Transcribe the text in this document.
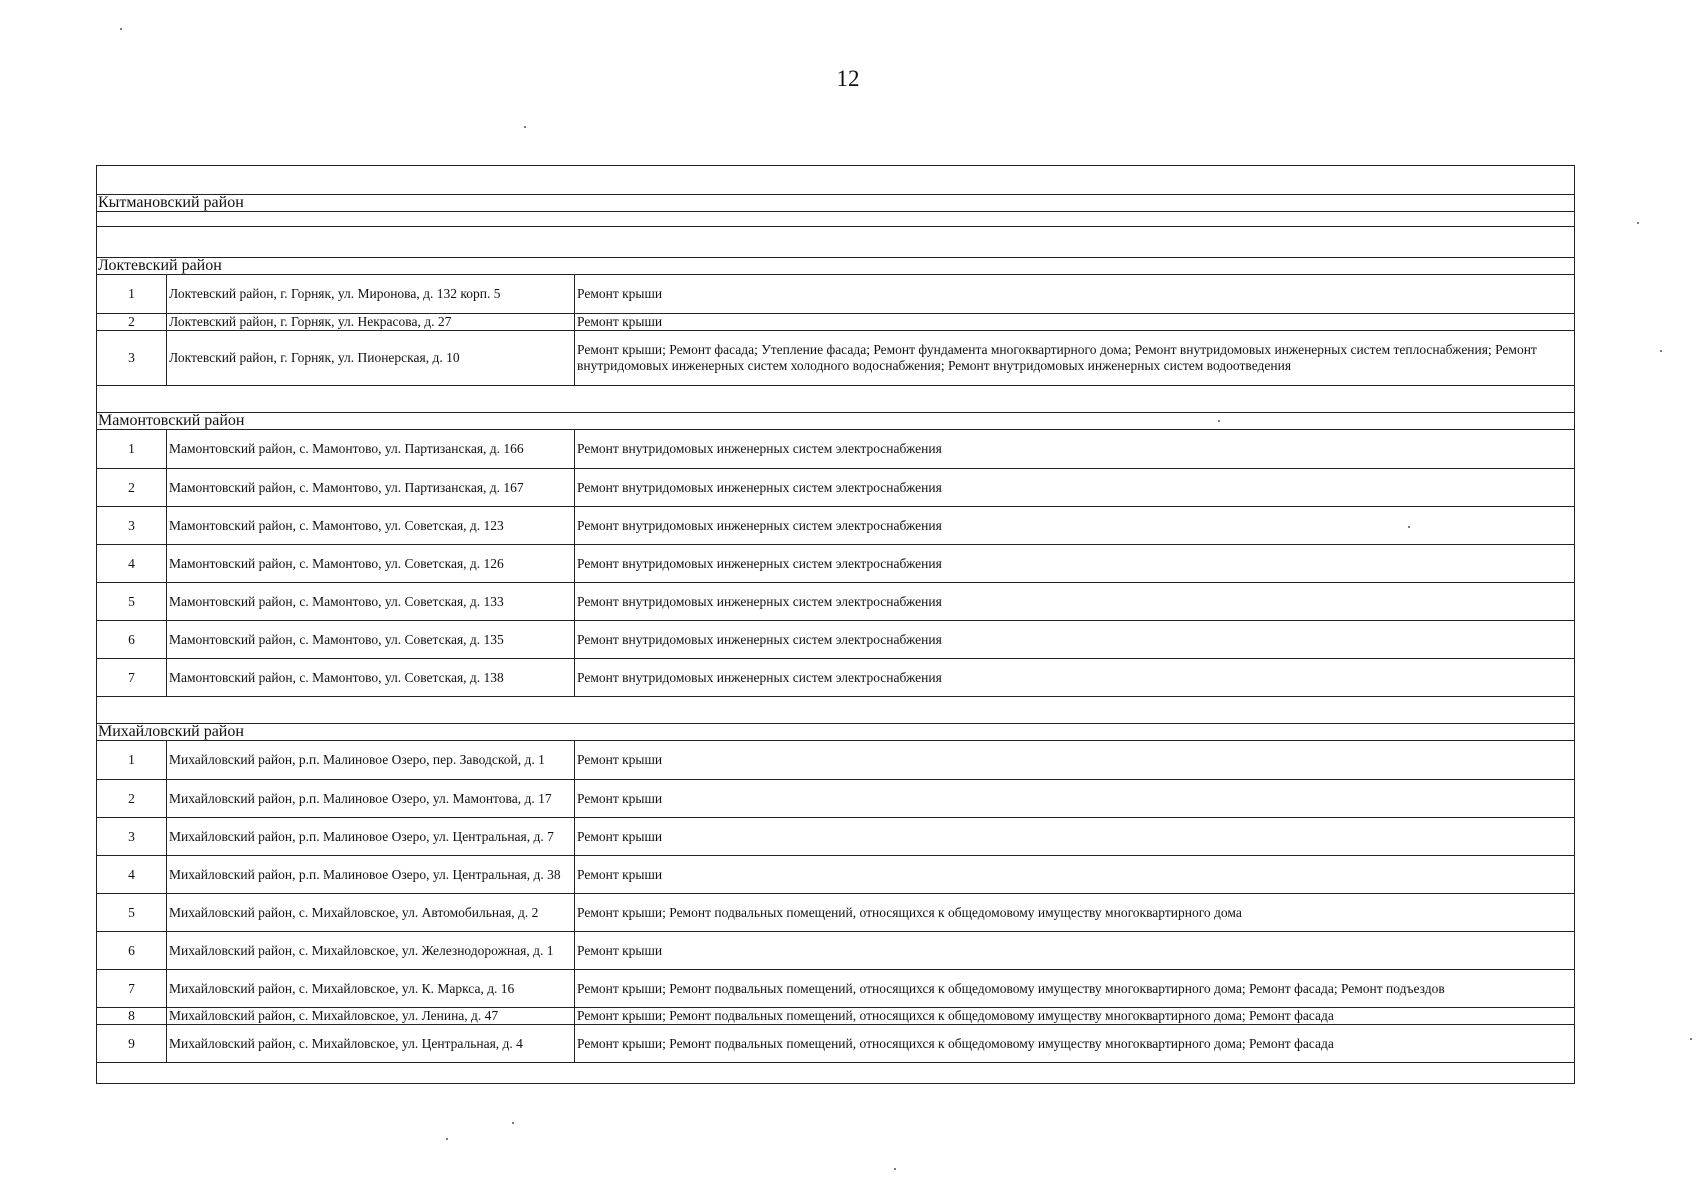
12

Кытмановский район		

Локтевский район		
1	Локтевский район, г. Горняк, ул. Миронова, д. 132 корп. 5	Ремонт крыши
2	Локтевский район, г. Горняк, ул. Некрасова, д. 27	Ремонт крыши
3	Локтевский район, г. Горняк, ул. Пионерская, д. 10	Ремонт крыши; Ремонт фасада; Утепление фасада; Ремонт фундамента многоквартирного дома; Ремонт внутридомовых инженерных систем теплоснабжения; Ремонт внутридомовых инженерных систем холодного водоснабжения; Ремонт внутридомовых инженерных систем водоотведения

Мамонтовский район		
1	Мамонтовский район, с. Мамонтово, ул. Партизанская, д. 166	Ремонт внутридомовых инженерных систем электроснабжения
2	Мамонтовский район, с. Мамонтово, ул. Партизанская, д. 167	Ремонт внутридомовых инженерных систем электроснабжения
3	Мамонтовский район, с. Мамонтово, ул. Советская, д. 123	Ремонт внутридомовых инженерных систем электроснабжения
4	Мамонтовский район, с. Мамонтово, ул. Советская, д. 126	Ремонт внутридомовых инженерных систем электроснабжения
5	Мамонтовский район, с. Мамонтово, ул. Советская, д. 133	Ремонт внутридомовых инженерных систем электроснабжения
6	Мамонтовский район, с. Мамонтово, ул. Советская, д. 135	Ремонт внутридомовых инженерных систем электроснабжения
7	Мамонтовский район, с. Мамонтово, ул. Советская, д. 138	Ремонт внутридомовых инженерных систем электроснабжения

Михайловский район		
1	Михайловский район, р.п. Малиновое Озеро, пер. Заводской, д. 1	Ремонт крыши
2	Михайловский район, р.п. Малиновое Озеро, ул. Мамонтова, д. 17	Ремонт крыши
3	Михайловский район, р.п. Малиновое Озеро, ул. Центральная, д. 7	Ремонт крыши
4	Михайловский район, р.п. Малиновое Озеро, ул. Центральная, д. 38	Ремонт крыши
5	Михайловский район, с. Михайловское, ул. Автомобильная, д. 2	Ремонт крыши; Ремонт подвальных помещений, относящихся к общедомовому имуществу многоквартирного дома
6	Михайловский район, с. Михайловское, ул. Железнодорожная, д. 1	Ремонт крыши
7	Михайловский район, с. Михайловское, ул. К. Маркса, д. 16	Ремонт крыши; Ремонт подвальных помещений, относящихся к общедомовому имуществу многоквартирного дома; Ремонт фасада; Ремонт подъездов
8	Михайловский район, с. Михайловское, ул. Ленина, д. 47	Ремонт крыши; Ремонт подвальных помещений, относящихся к общедомовому имуществу многоквартирного дома; Ремонт фасада
9	Михайловский район, с. Михайловское, ул. Центральная, д. 4	Ремонт крыши; Ремонт подвальных помещений, относящихся к общедомовому имуществу многоквартирного дома; Ремонт фасада
